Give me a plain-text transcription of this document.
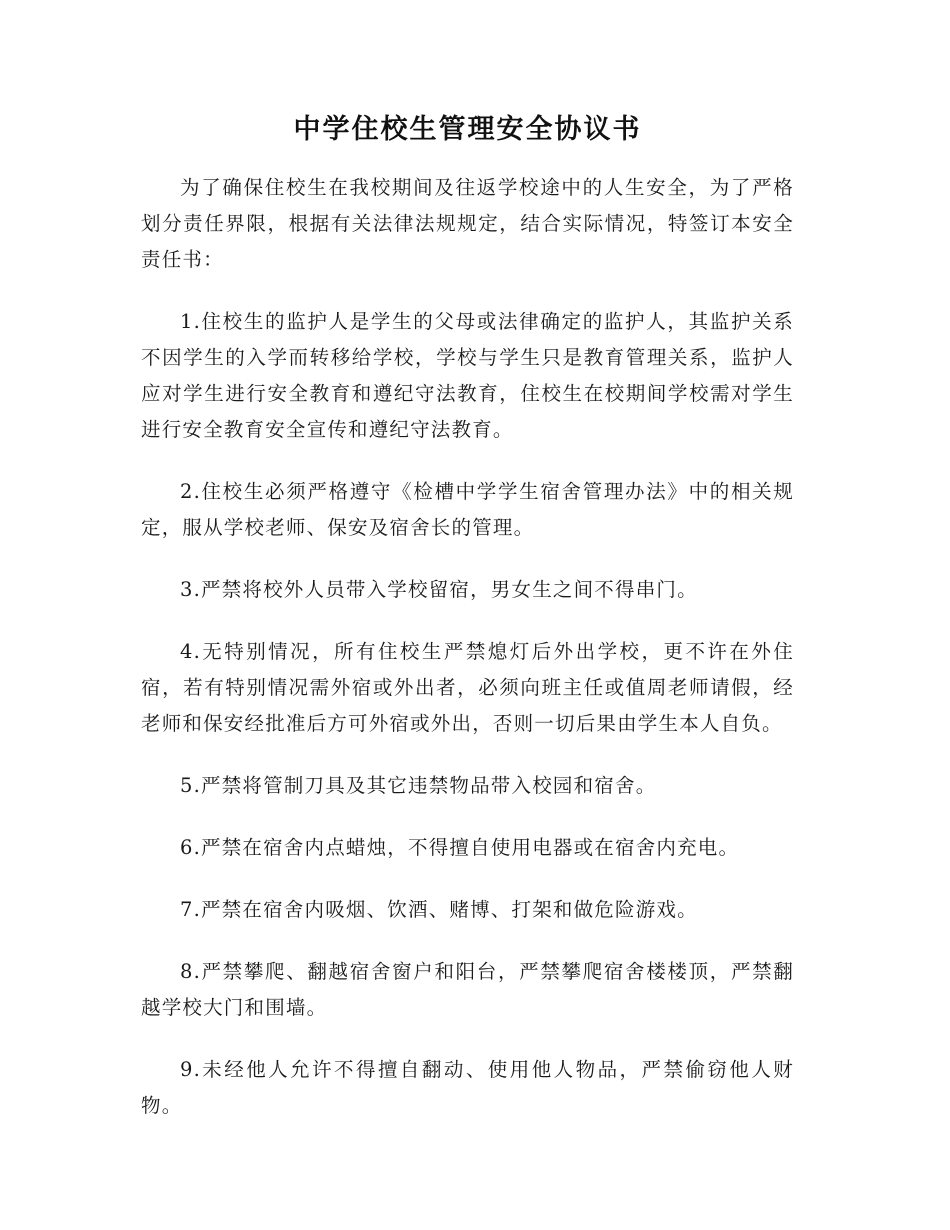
中学住校生管理安全协议书

为了确保住校生在我校期间及往返学校途中的人生安全，为了严格划分责任界限，根据有关法律法规规定，结合实际情况，特签订本安全责任书：

1.住校生的监护人是学生的父母或法律确定的监护人，其监护关系不因学生的入学而转移给学校，学校与学生只是教育管理关系，监护人应对学生进行安全教育和遵纪守法教育，住校生在校期间学校需对学生进行安全教育安全宣传和遵纪守法教育。

2.住校生必须严格遵守《检槽中学学生宿舍管理办法》中的相关规定，服从学校老师、保安及宿舍长的管理。

3.严禁将校外人员带入学校留宿，男女生之间不得串门。

4.无特别情况，所有住校生严禁熄灯后外出学校，更不许在外住宿，若有特别情况需外宿或外出者，必须向班主任或值周老师请假，经老师和保安经批准后方可外宿或外出，否则一切后果由学生本人自负。

5.严禁将管制刀具及其它违禁物品带入校园和宿舍。

6.严禁在宿舍内点蜡烛，不得擅自使用电器或在宿舍内充电。

7.严禁在宿舍内吸烟、饮酒、赌博、打架和做危险游戏。

8.严禁攀爬、翻越宿舍窗户和阳台，严禁攀爬宿舍楼楼顶，严禁翻越学校大门和围墙。

9.未经他人允许不得擅自翻动、使用他人物品，严禁偷窃他人财物。
